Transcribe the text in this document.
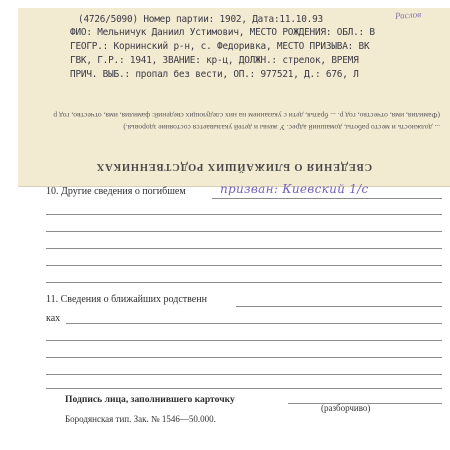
(4726/5090) Номер партии: 1902, Дата:11.10.93
ФИО: Мельничук Даниил Устимович, МЕСТО РОЖДЕНИЯ: ОБЛ.: В
ГЕОГР.: Корнинский р-н, с. Федоривка, МЕСТО ПРИЗЫВА: ВК
ГВК, Г.Р.: 1941, ЗВАНИЕ: кр-ц, ДОЛЖН.: стрелок, ВРЕМЯ
ПРИЧ. ВЫБ.: пропал без вести, ОП.: 977521, Д.: 676, Л
Раслов
(Фамилия, имя, отчество, год р. ... братья, дети с указанием на них следующих сведений: фамилия, имя, отчество, год р
... должность и место работы, домашний адрес. У жены и детей указывается состояние здоровья.)
СВЕДЕНИЯ О БЛИЖАЙШИХ РОДСТВЕННИКАХ
10. Другие сведения о погибшем	призван: Киевский 1/с
11. Сведения о ближайших родственн
ках
Подпись лица, заполнившего карточку
(разборчиво)
Бородянская тип. Зак. № 1546—50.000.
